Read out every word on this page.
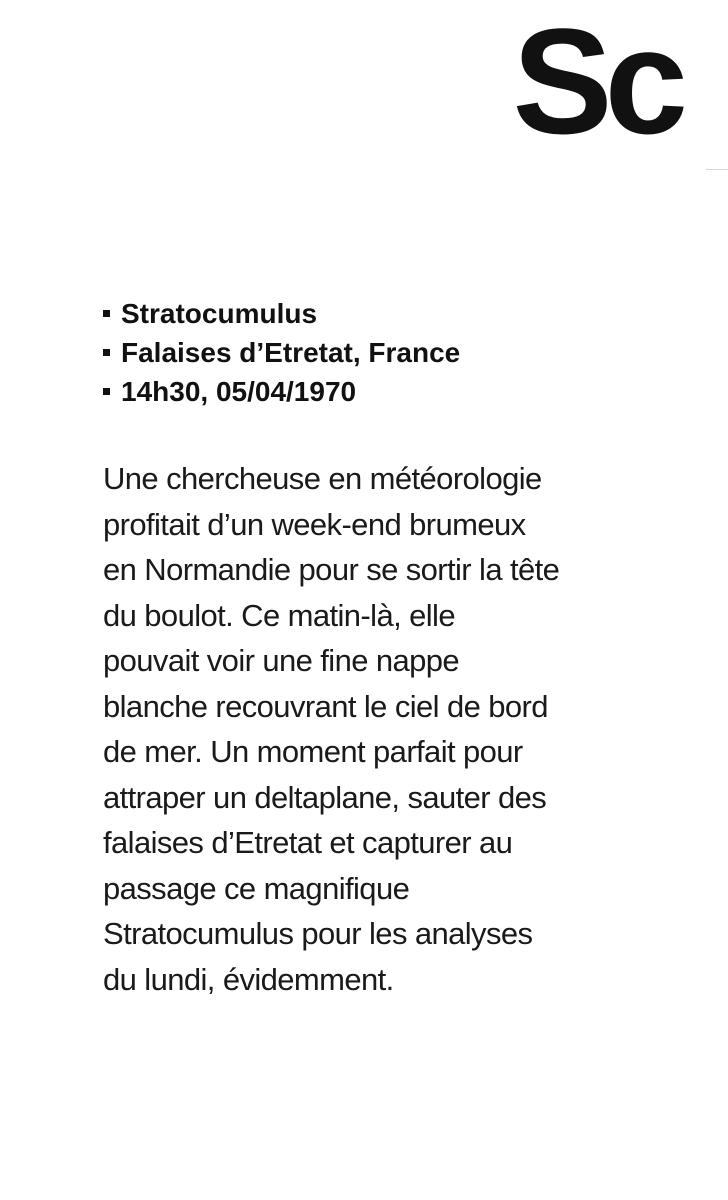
Sc
Stratocumulus
Falaises d’Etretat, France
14h30, 05/04/1970

Une chercheuse en météorologie
profitait d’un week-end brumeux
en Normandie pour se sortir la tête
du boulot. Ce matin-là, elle
pouvait voir une fine nappe
blanche recouvrant le ciel de bord
de mer. Un moment parfait pour
attraper un deltaplane, sauter des
falaises d’Etretat et capturer au
passage ce magnifique
Stratocumulus pour les analyses
du lundi, évidemment.
